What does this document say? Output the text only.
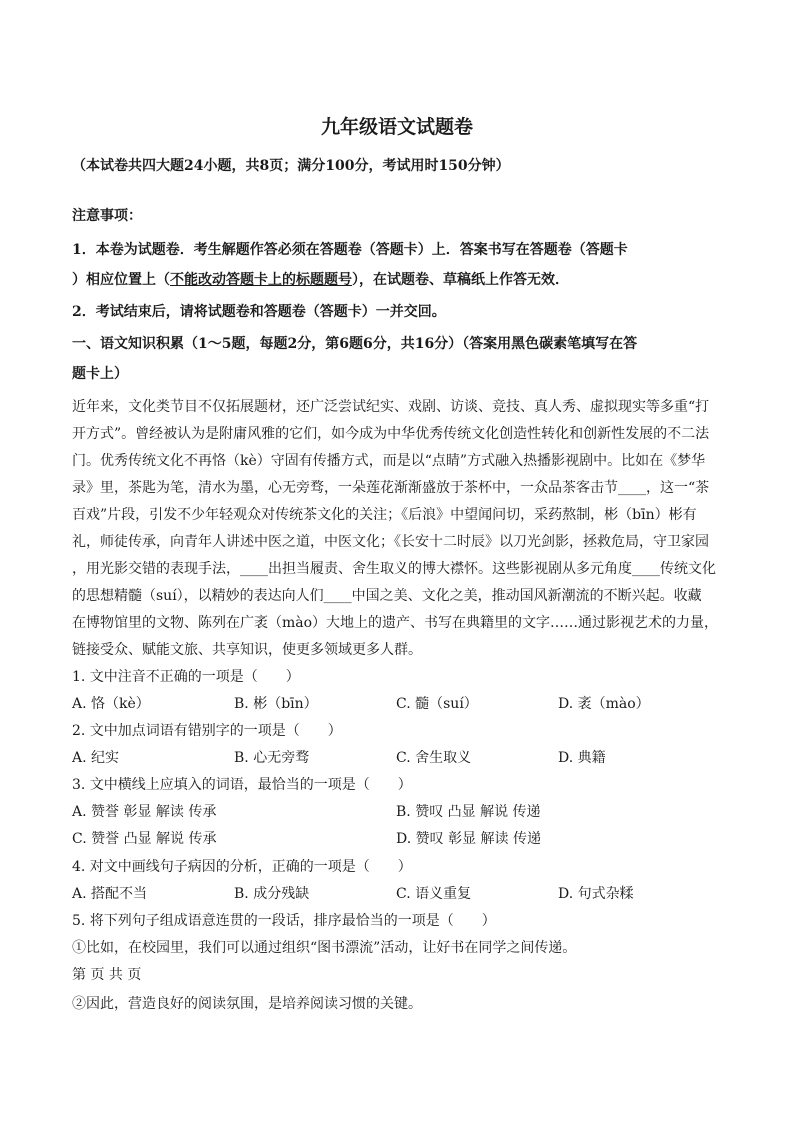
九年级语文试题卷
（本试卷共四大题24小题，共8页；满分100分，考试用时150分钟）
注意事项：
1．本卷为试题卷．考生解题作答必须在答题卷（答题卡）上．答案书写在答题卷（答题卡
）相应位置上（不能改动答题卡上的标题题号），在试题卷、草稿纸上作答无效．
2．考试结束后，请将试题卷和答题卷（答题卡）一并交回。
一、语文知识积累（1～5题，每题2分，第6题6分，共16分）（答案用黑色碳素笔填写在答
题卡上）
近年来，文化类节目不仅拓展题材，还广泛尝试纪实、戏剧、访谈、竞技、真人秀、虚拟现实等多重“打
开方式”。曾经被认为是附庸风雅的它们，如今成为中华优秀传统文化创造性转化和创新性发展的不二法
门。优秀传统文化不再恪（kè）守固有传播方式，而是以“点睛”方式融入热播影视剧中。比如在《梦华
录》里，茶匙为笔，清水为墨，心无旁骛，一朵莲花渐渐盛放于茶杯中，一众品茶客击节____，这一“茶
百戏”片段，引发不少年轻观众对传统茶文化的关注；《后浪》中望闻问切，采药熬制，彬（bīn）彬有
礼，师徒传承，向青年人讲述中医之道，中医文化；《长安十二时辰》以刀光剑影，拯救危局，守卫家园
，用光影交错的表现手法，____出担当履责、舍生取义的博大襟怀。这些影视剧从多元角度____传统文化
的思想精髓（suí），以精妙的表达向人们____中国之美、文化之美，推动国风新潮流的不断兴起。收藏
在博物馆里的文物、陈列在广袤（mào）大地上的遗产、书写在典籍里的文字……通过影视艺术的力量，
链接受众、赋能文旅、共享知识，使更多领域更多人群。
1. 文中注音不正确的一项是（　　）
A. 恪（kè）	B. 彬（bīn）	C. 髓（suí）	D. 袤（mào）
2. 文中加点词语有错别字的一项是（　　）
A. 纪实	B. 心无旁骛	C. 舍生取义	D. 典籍
3. 文中横线上应填入的词语，最恰当的一项是（　　）
A. 赞誉 彰显 解读 传承	B. 赞叹 凸显 解说 传递
C. 赞誉 凸显 解说 传承	D. 赞叹 彰显 解读 传递
4. 对文中画线句子病因的分析，正确的一项是（　　）
A. 搭配不当	B. 成分残缺	C. 语义重复	D. 句式杂糅
5. 将下列句子组成语意连贯的一段话，排序最恰当的一项是（　　）
①比如，在校园里，我们可以通过组织“图书漂流”活动，让好书在同学之间传递。
第 页 共 页
②因此，营造良好的阅读氛围，是培养阅读习惯的关键。
